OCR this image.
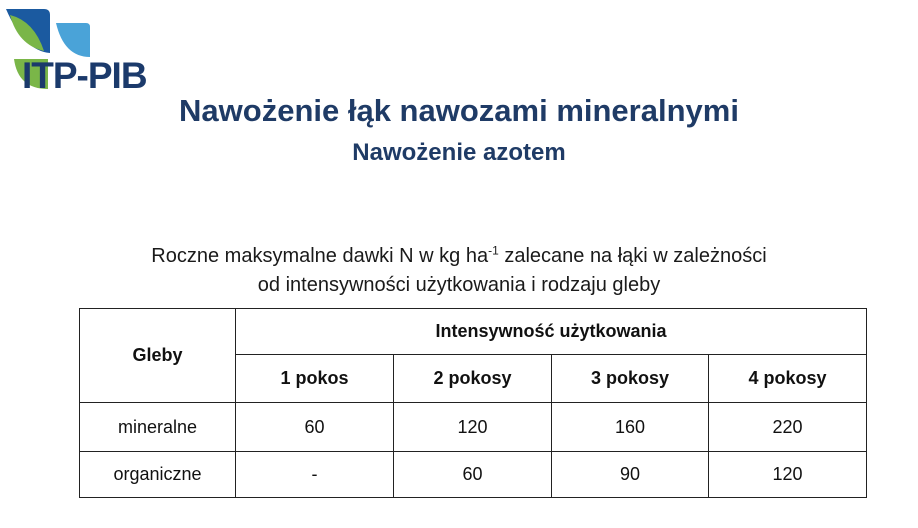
ITP-PIB
Nawożenie łąk nawozami mineralnymi
Nawożenie azotem
Roczne maksymalne dawki N w kg $ha^{-1}$ zalecane na łąki w zależności
od intensywności użytkowania i rodzaju gleby
Gleby	Intensywność użytkowania			
	1 pokos	2 pokosy	3 pokosy	4 pokosy
mineralne	60	120	160	220
organiczne	-	60	90	120
